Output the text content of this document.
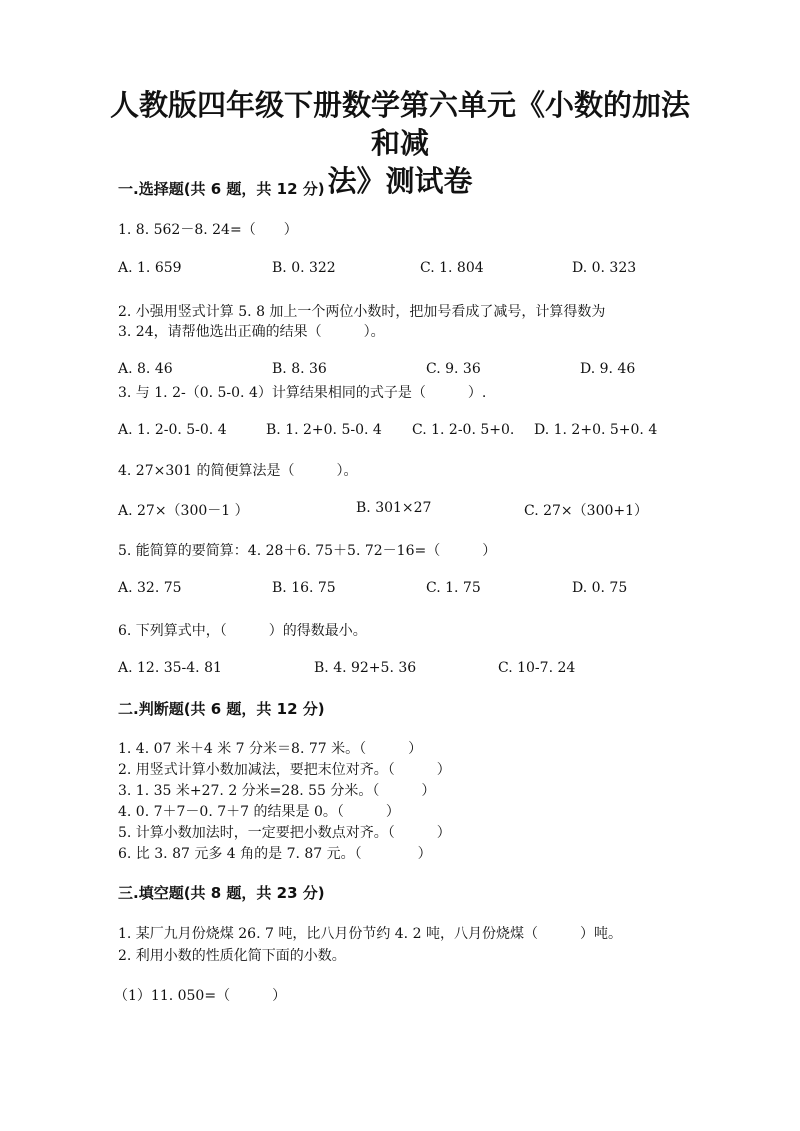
人教版四年级下册数学第六单元《小数的加法和减
法》测试卷
一.选择题(共 6 题，共 12 分)
1. 8. 562－8. 24=（　　）
A. 1. 659	B. 0. 322	C. 1. 804	D. 0. 323
2. 小强用竖式计算 5. 8 加上一个两位小数时，把加号看成了减号，计算得数为
3. 24，请帮他选出正确的结果（　　　）。
A. 8. 46	B. 8. 36	C. 9. 36	D. 9. 46
3. 与 1. 2-（0. 5-0. 4）计算结果相同的式子是（　　　）.
A. 1. 2-0. 5-0. 4	B. 1. 2+0. 5-0. 4 C. 1. 2-0. 5+0. D. 1. 2+0. 5+0. 4
4. 27×301 的简便算法是（　　　）。
A. 27×（300－1 ）	B. 301×27	C. 27×（300+1）
5. 能简算的要简算：4. 28＋6. 75＋5. 72－16=（　　　）
A. 32. 75	B. 16. 75	C. 1. 75	D. 0. 75
6. 下列算式中，（　　　）的得数最小。
A. 12. 35-4. 81	B. 4. 92+5. 36	C. 10-7. 24
二.判断题(共 6 题，共 12 分)
1. 4. 07 米＋4 米 7 分米＝8. 77 米。（　　　）
2. 用竖式计算小数加减法，要把末位对齐。（　　　）
3. 1. 35 米+27. 2 分米=28. 55 分米。（　　　）
4. 0. 7＋7－0. 7＋7 的结果是 0。（　　　）
5. 计算小数加法时，一定要把小数点对齐。（　　　）
6. 比 3. 87 元多 4 角的是 7. 87 元。（　　　　）
三.填空题(共 8 题，共 23 分)
1. 某厂九月份烧煤 26. 7 吨，比八月份节约 4. 2 吨，八月份烧煤（　　　）吨。
2. 利用小数的性质化简下面的小数。
（1）11. 050=（　　　）
